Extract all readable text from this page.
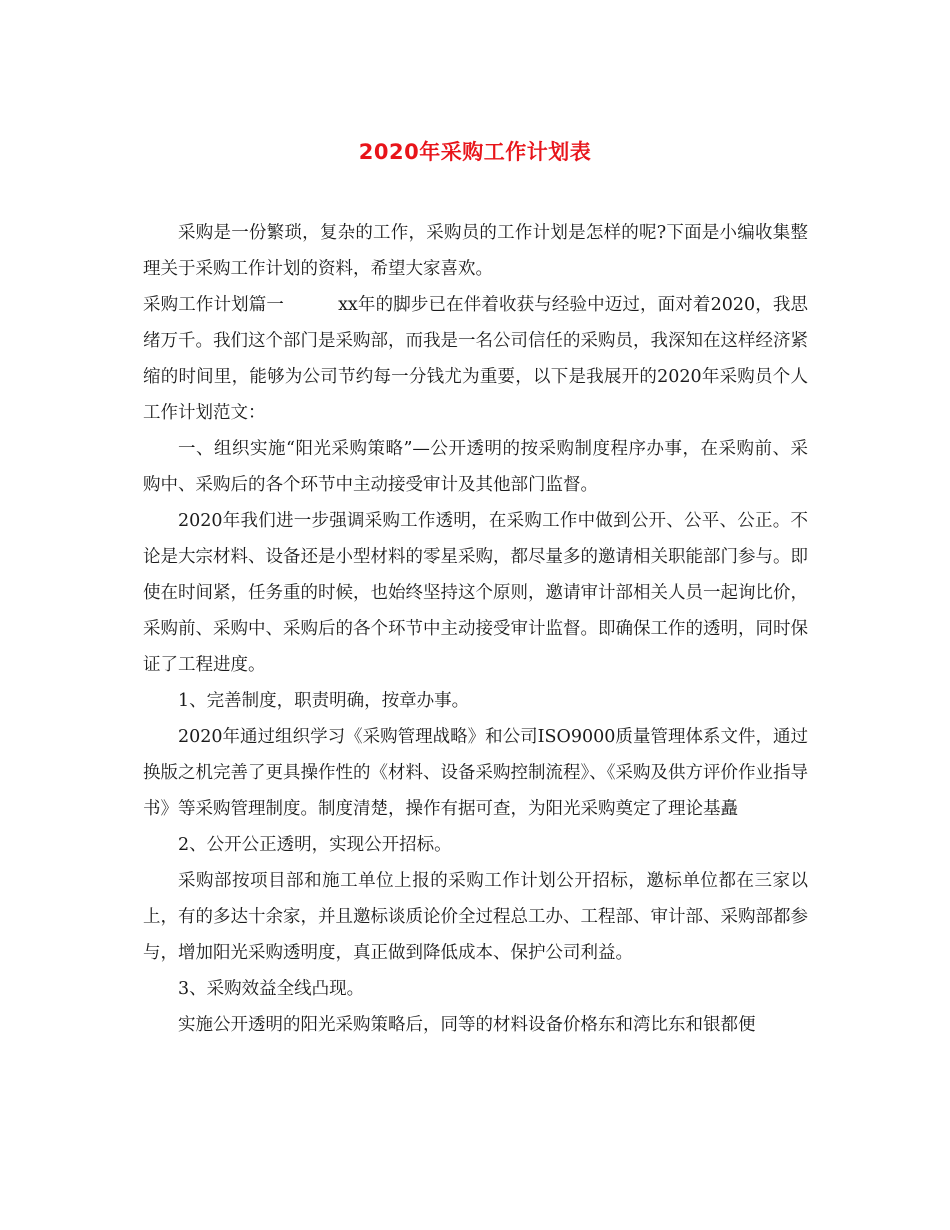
2020年采购工作计划表

采购是一份繁琐，复杂的工作，采购员的工作计划是怎样的呢?下面是小编收集整理关于采购工作计划的资料，希望大家喜欢。

采购工作计划篇一	xx年的脚步已在伴着收获与经验中迈过，面对着2020，我思绪万千。我们这个部门是采购部，而我是一名公司信任的采购员，我深知在这样经济紧缩的时间里，能够为公司节约每一分钱尤为重要，以下是我展开的2020年采购员个人工作计划范文：

一、组织实施“阳光采购策略”—公开透明的按采购制度程序办事，在采购前、采购中、采购后的各个环节中主动接受审计及其他部门监督。

2020年我们进一步强调采购工作透明，在采购工作中做到公开、公平、公正。不论是大宗材料、设备还是小型材料的零星采购，都尽量多的邀请相关职能部门参与。即使在时间紧，任务重的时候，也始终坚持这个原则，邀请审计部相关人员一起询比价，采购前、采购中、采购后的各个环节中主动接受审计监督。即确保工作的透明，同时保证了工程进度。

1、完善制度，职责明确，按章办事。

2020年通过组织学习《采购管理战略》和公司ISO9000质量管理体系文件，通过换版之机完善了更具操作性的《材料、设备采购控制流程》、《采购及供方评价作业指导书》等采购管理制度。制度清楚，操作有据可查，为阳光采购奠定了理论基矗

2、公开公正透明，实现公开招标。

采购部按项目部和施工单位上报的采购工作计划公开招标，邀标单位都在三家以上，有的多达十余家，并且邀标谈质论价全过程总工办、工程部、审计部、采购部都参与，增加阳光采购透明度，真正做到降低成本、保护公司利益。

3、采购效益全线凸现。

实施公开透明的阳光采购策略后，同等的材料设备价格东和湾比东和银都便
